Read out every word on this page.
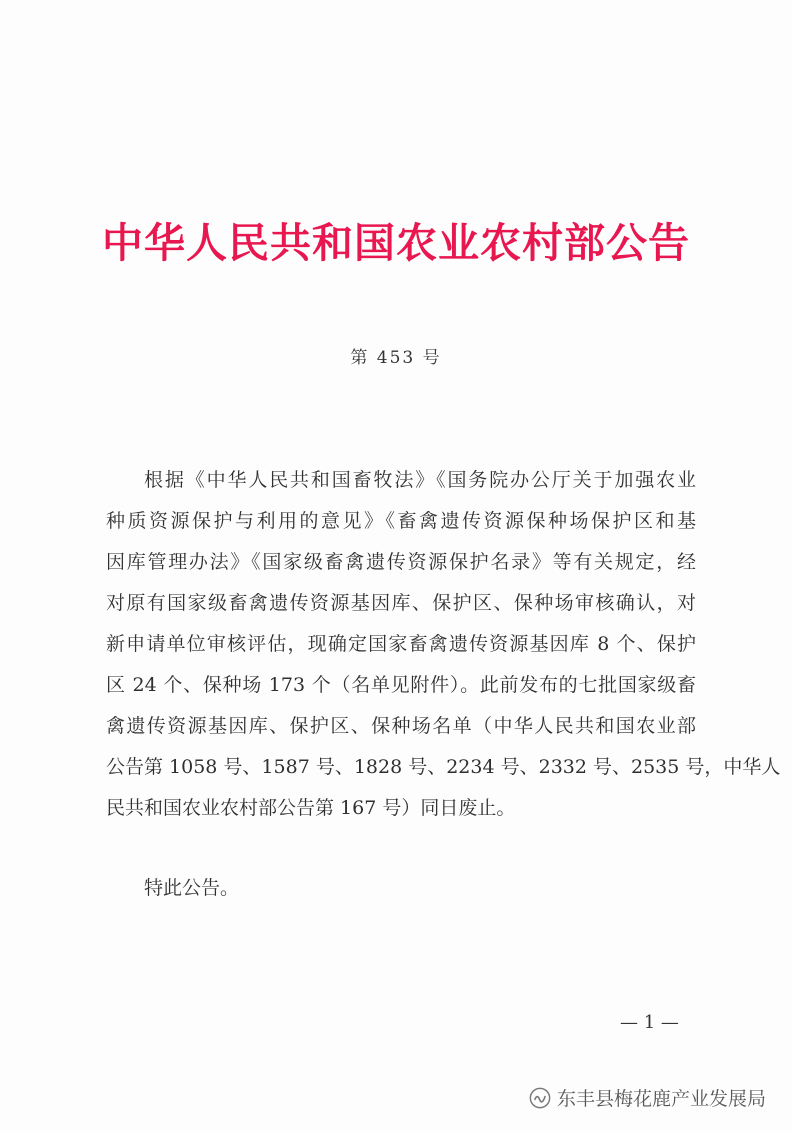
中华人民共和国农业农村部公告
第 453 号
根据《中华人民共和国畜牧法》《国务院办公厅关于加强农业
种质资源保护与利用的意见》《畜禽遗传资源保种场保护区和基
因库管理办法》《国家级畜禽遗传资源保护名录》等有关规定，经
对原有国家级畜禽遗传资源基因库、保护区、保种场审核确认，对
新申请单位审核评估，现确定国家畜禽遗传资源基因库 8 个、保护
区 24 个、保种场 173 个（名单见附件）。此前发布的七批国家级畜
禽遗传资源基因库、保护区、保种场名单（中华人民共和国农业部
公告第 1058 号、1587 号、1828 号、2234 号、2332 号、2535 号，中华人
民共和国农业农村部公告第 167 号）同日废止。
特此公告。
— 1 —
东丰县梅花鹿产业发展局
